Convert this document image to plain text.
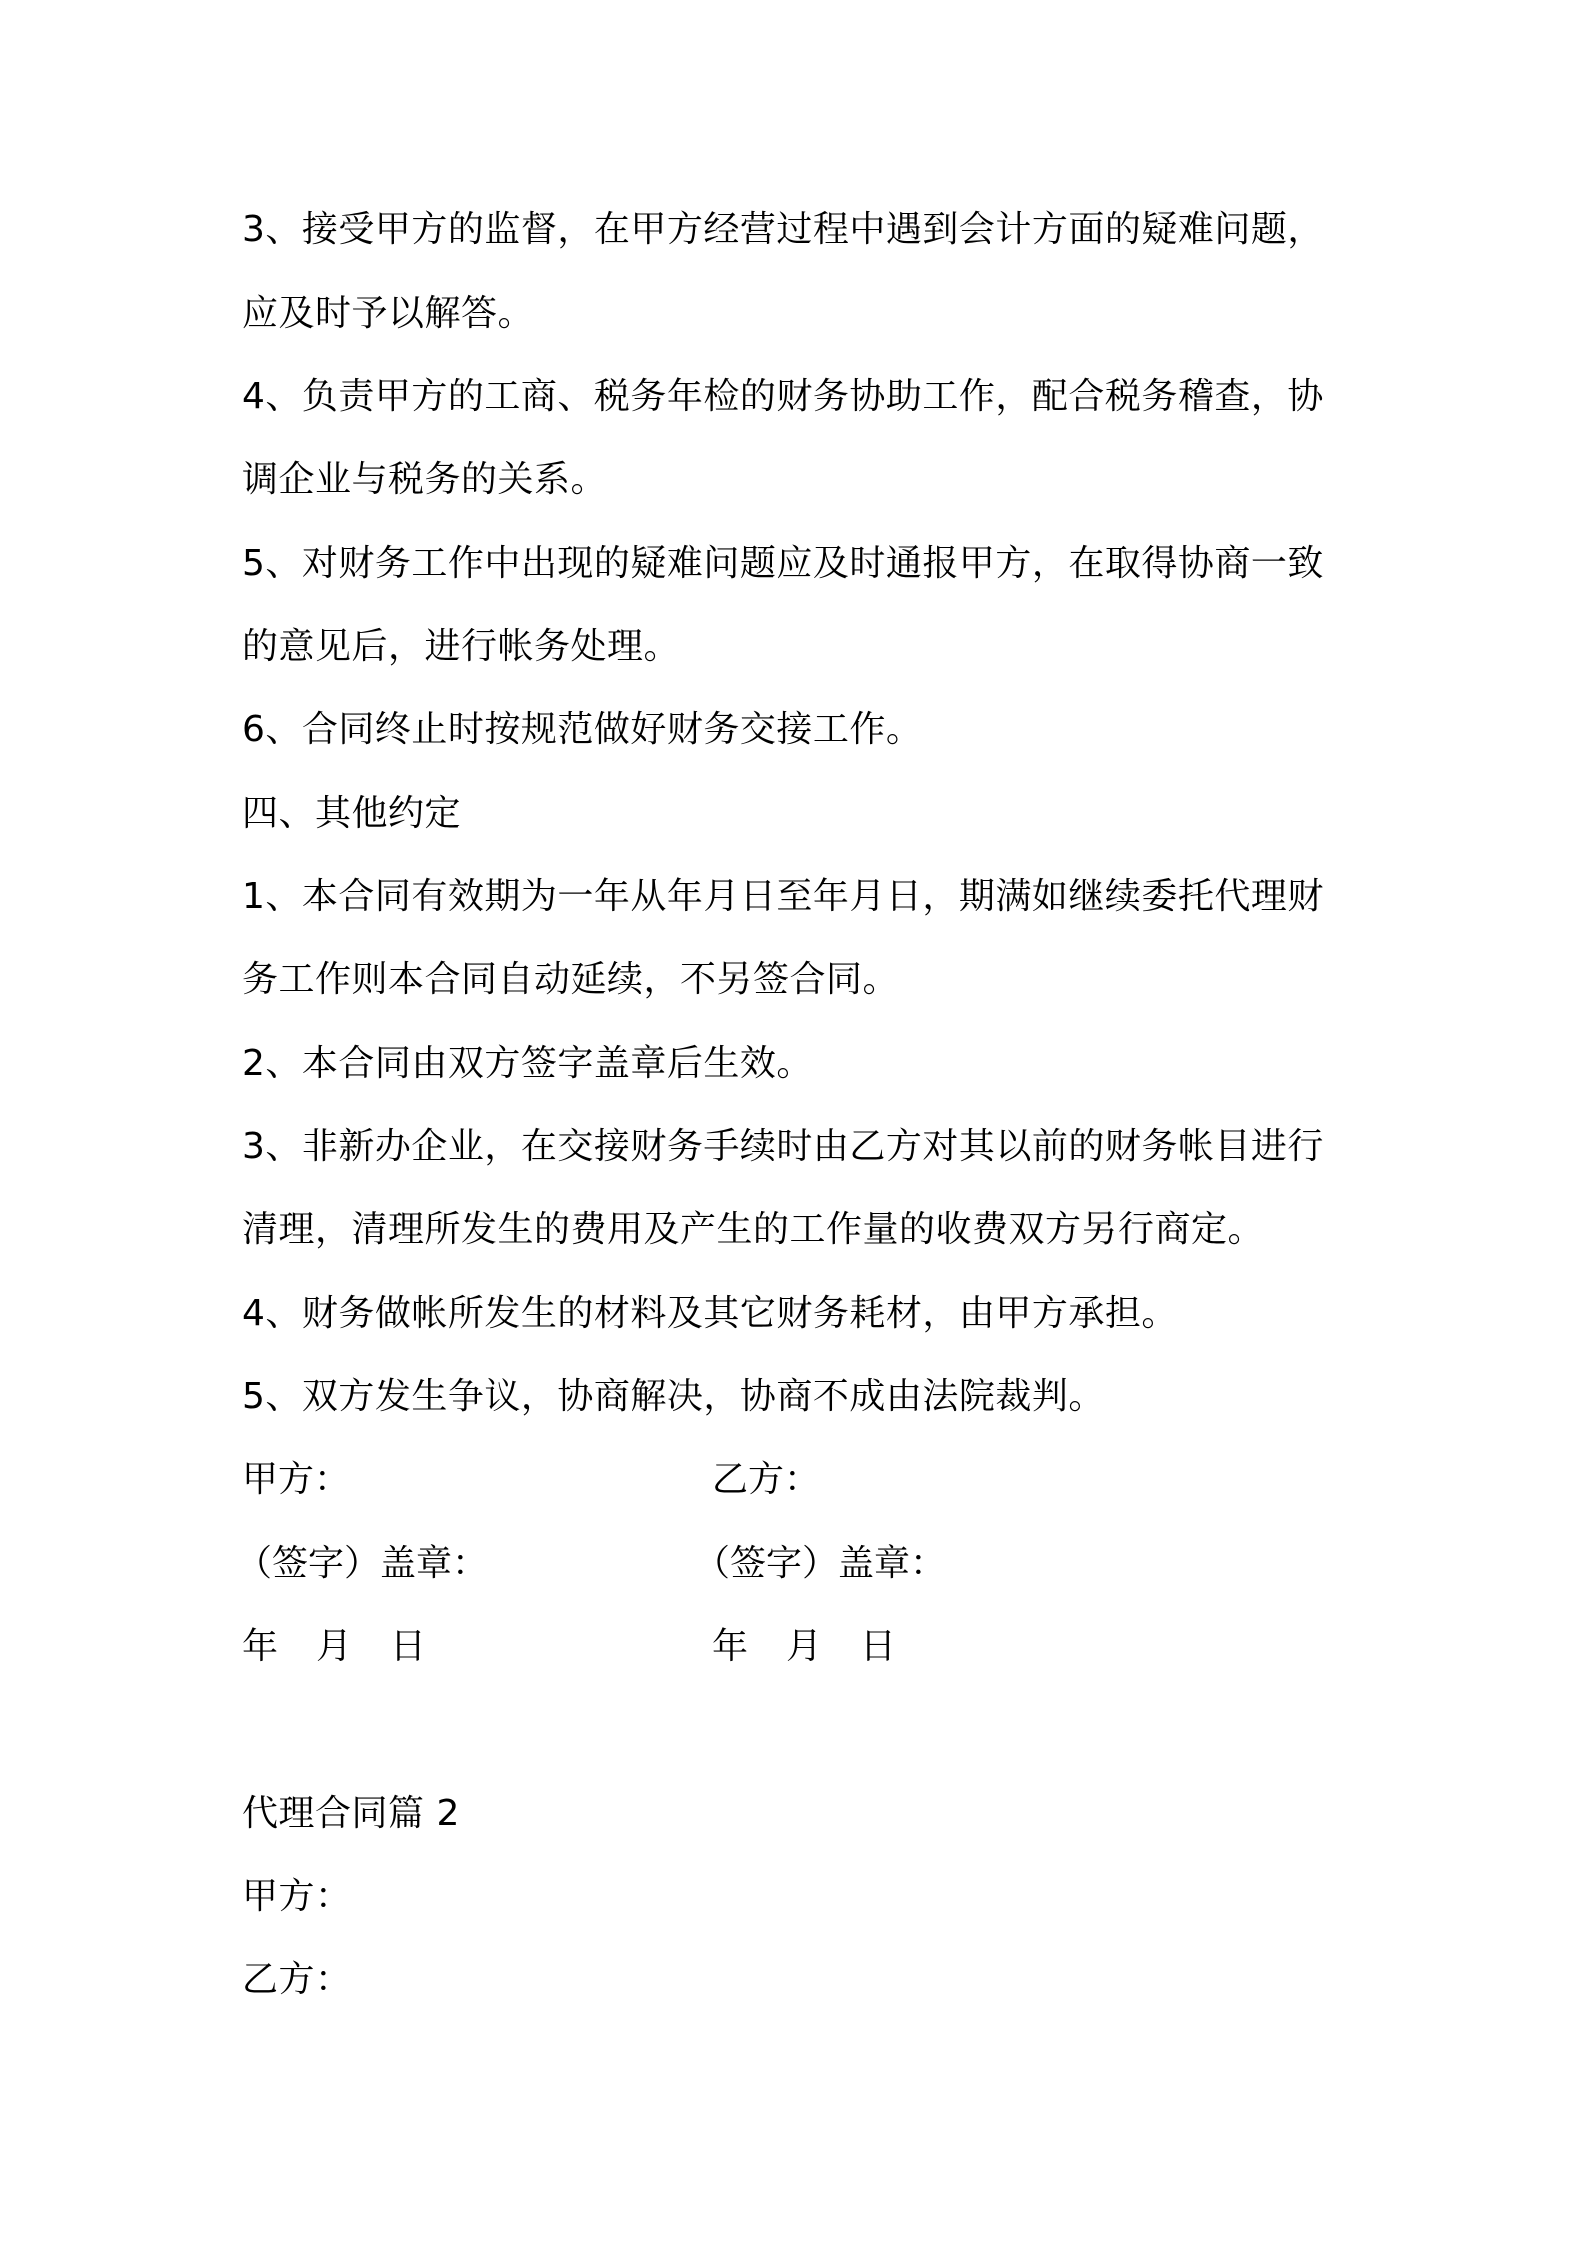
3、接受甲方的监督，在甲方经营过程中遇到会计方面的疑难问题，
应及时予以解答。
4、负责甲方的工商、税务年检的财务协助工作，配合税务稽查，协
调企业与税务的关系。
5、对财务工作中出现的疑难问题应及时通报甲方，在取得协商一致
的意见后，进行帐务处理。
6、合同终止时按规范做好财务交接工作。
四、其他约定
1、本合同有效期为一年从年月日至年月日，期满如继续委托代理财
务工作则本合同自动延续，不另签合同。
2、本合同由双方签字盖章后生效。
3、非新办企业，在交接财务手续时由乙方对其以前的财务帐目进行
清理，清理所发生的费用及产生的工作量的收费双方另行商定。
4、财务做帐所发生的材料及其它财务耗材，由甲方承担。
5、双方发生争议，协商解决，协商不成由法院裁判。
甲方：	乙方：
（签字）盖章：	（签字）盖章：
年 月 日	年 月 日
代理合同篇 2
甲方：
乙方：
